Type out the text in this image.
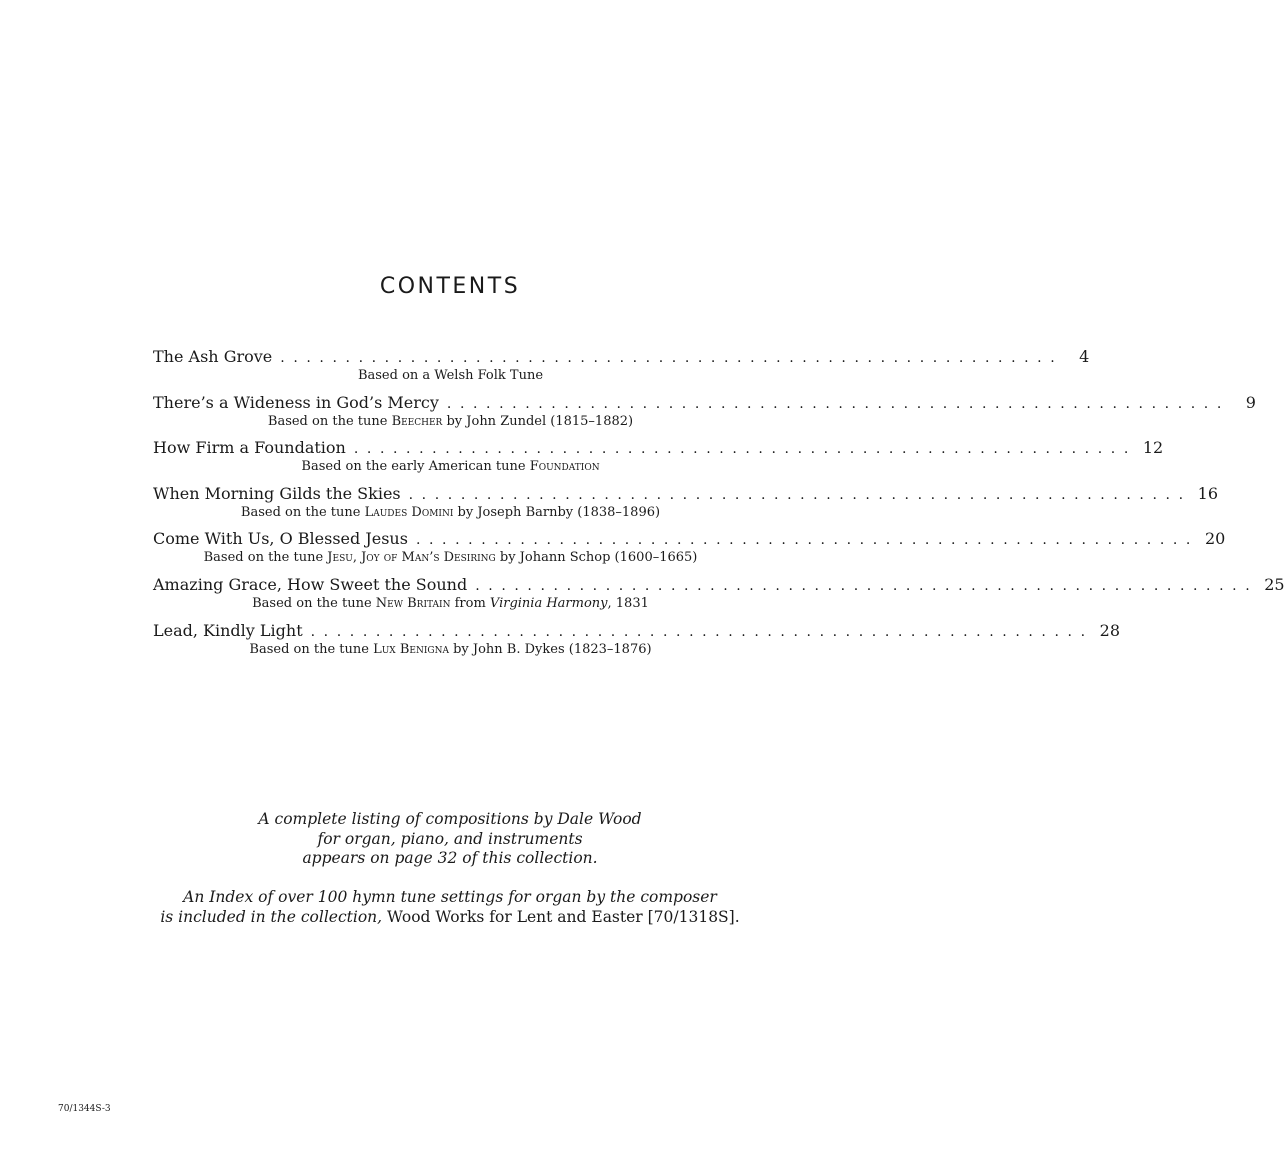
CONTENTS
The Ash Grove ............................................................ 4
Based on a Welsh Folk Tune
There’s a Wideness in God’s Mercy ............................................................ 9
Based on the tune Beecher by John Zundel (1815–1882)
How Firm a Foundation ............................................................ 12
Based on the early American tune Foundation
When Morning Gilds the Skies ............................................................ 16
Based on the tune Laudes Domini by Joseph Barnby (1838–1896)
Come With Us, O Blessed Jesus ............................................................ 20
Based on the tune Jesu, Joy of Man’s Desiring by Johann Schop (1600–1665)
Amazing Grace, How Sweet the Sound ............................................................ 25
Based on the tune New Britain from Virginia Harmony, 1831
Lead, Kindly Light ............................................................ 28
Based on the tune Lux Benigna by John B. Dykes (1823–1876)
A complete listing of compositions by Dale Wood
for organ, piano, and instruments
appears on page 32 of this collection.
An Index of over 100 hymn tune settings for organ by the composer
is included in the collection, Wood Works for Lent and Easter [70/1318S].
70/1344S-3
